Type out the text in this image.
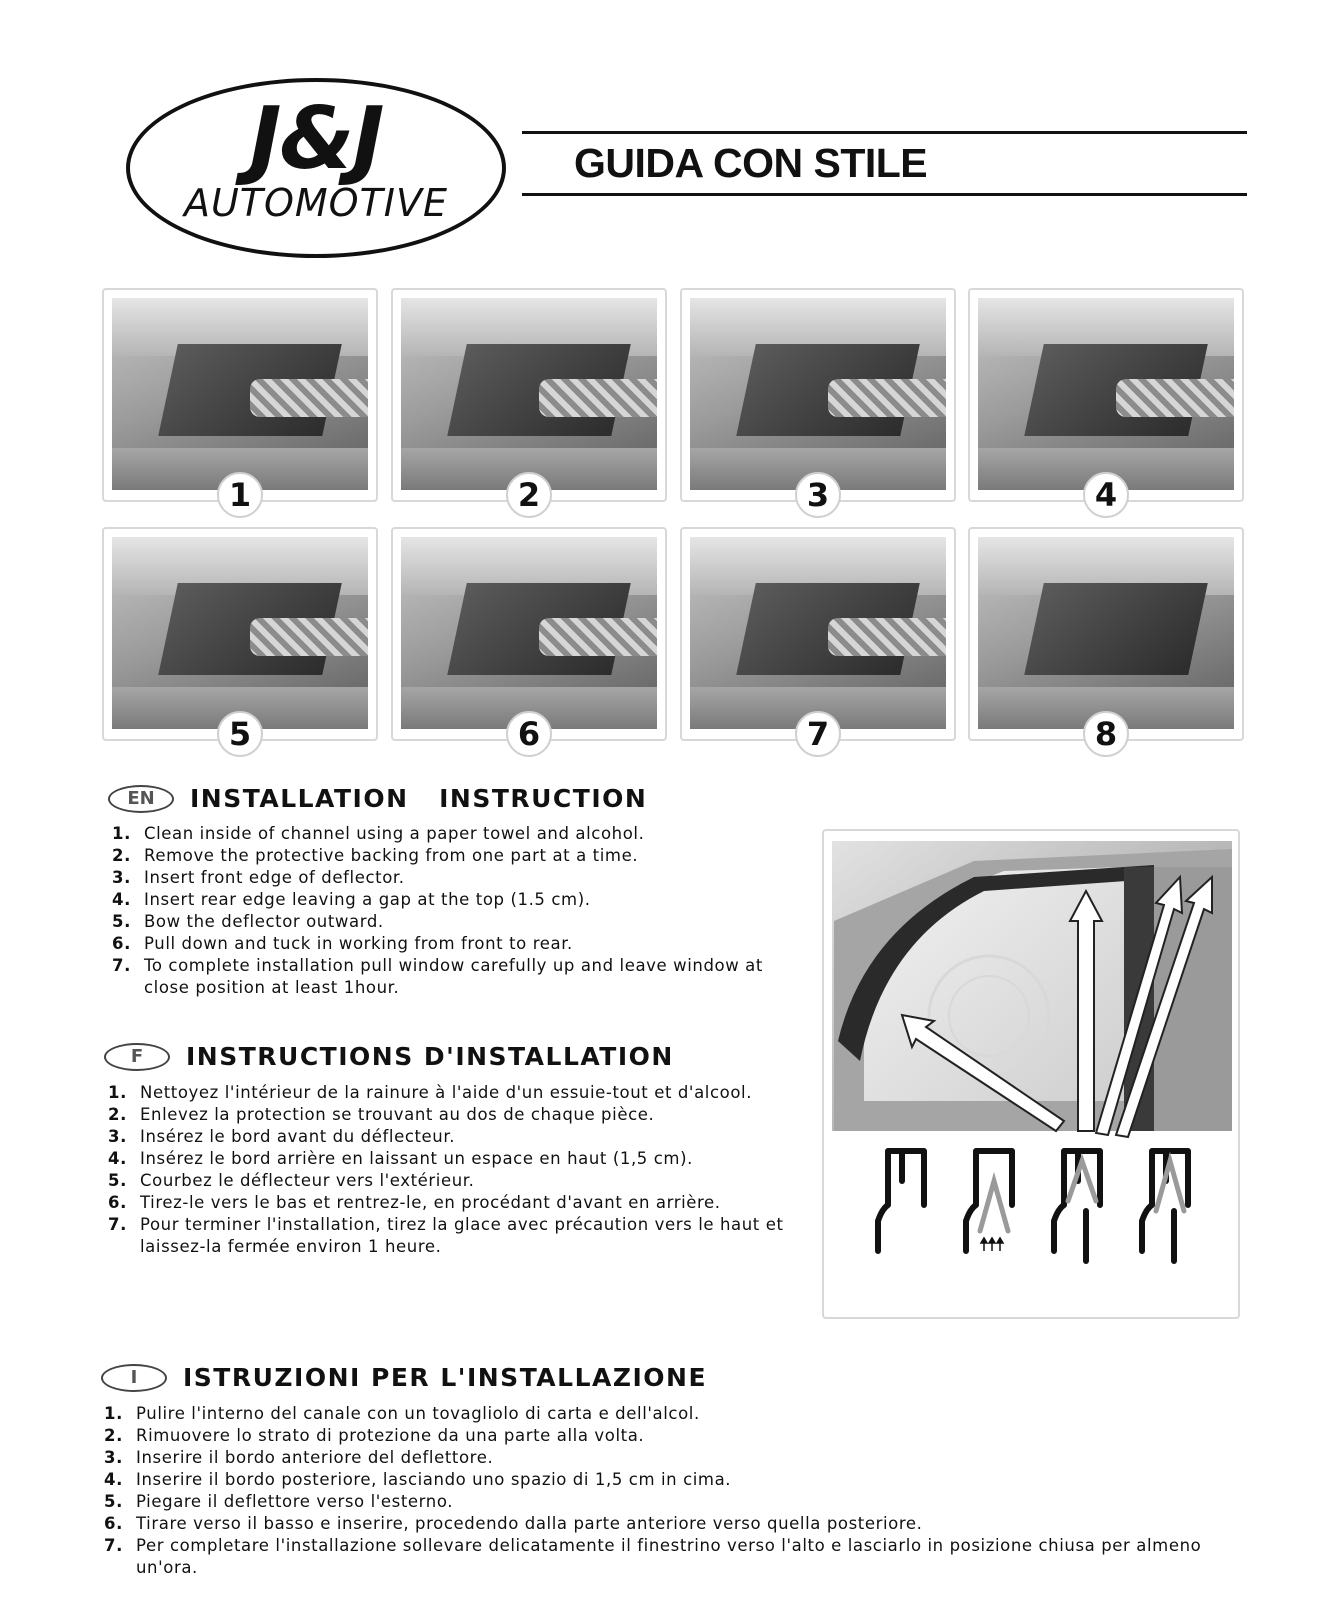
J&J
AUTOMOTIVE
GUIDA CON STILE
1	2	3	4
5	6	7	8
EN	INSTALLATION   INSTRUCTION
1. Clean inside of channel using a paper towel and alcohol.
2. Remove the protective backing from one part at a time.
3. Insert front edge of deflector.
4. Insert rear edge leaving a gap at the top (1.5 cm).
5. Bow the deflector outward.
6. Pull down and tuck in working from front to rear.
7. To complete installation pull window carefully up and leave window at close position at least 1hour.
F	INSTRUCTIONS D'INSTALLATION
1. Nettoyez l'intérieur de la rainure à l'aide d'un essuie-tout et d'alcool.
2. Enlevez la protection se trouvant au dos de chaque pièce.
3. Insérez le bord avant du déflecteur.
4. Insérez le bord arrière en laissant un espace en haut (1,5 cm).
5. Courbez le déflecteur vers l'extérieur.
6. Tirez-le vers le bas et rentrez-le, en procédant d'avant en arrière.
7. Pour terminer l'installation, tirez la glace avec précaution vers le haut et laissez-la fermée environ 1 heure.
I	ISTRUZIONI PER L'INSTALLAZIONE
1. Pulire l'interno del canale con un tovagliolo di carta e dell'alcol.
2. Rimuovere lo strato di protezione da una parte alla volta.
3. Inserire il bordo anteriore del deflettore.
4. Inserire il bordo posteriore, lasciando uno spazio di 1,5 cm in cima.
5. Piegare il deflettore verso l'esterno.
6. Tirare verso il basso e inserire, procedendo dalla parte anteriore verso quella posteriore.
7. Per completare l'installazione sollevare delicatamente il finestrino verso l'alto e lasciarlo in posizione chiusa per almeno un'ora.
